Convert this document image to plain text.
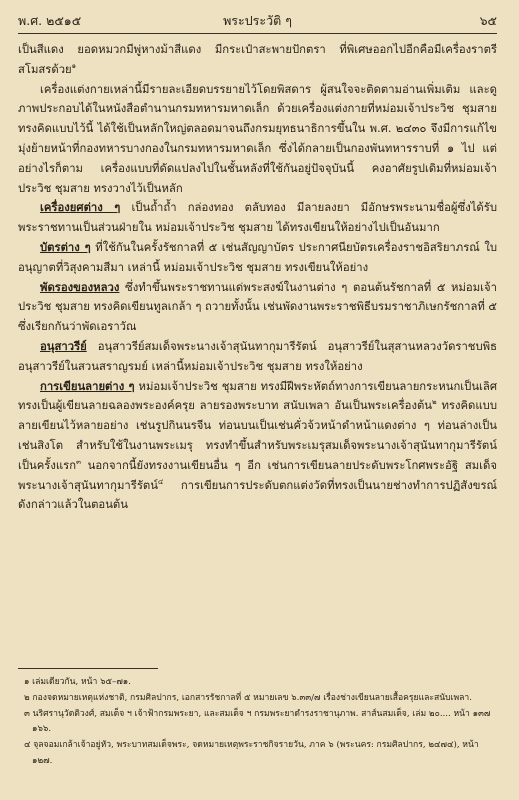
พ.ศ. ๒๕๑๕	พระประวัติ ๆ	๖๕

เป็นสีแดง ยอดหมวกมีพู่หางม้าสีแดง มีกระเป๋าสะพายปักตรา ที่พิเศษออกไปอีกคือมีเครื่องราตรีสโมสรด้วย$^๑$

เครื่องแต่งกายเหล่านี้มีรายละเอียดบรรยายไว้โดยพิสดาร ผู้สนใจจะติดตามอ่านเพิ่มเติม และดูภาพประกอบได้ในหนังสือตำนานกรมทหารมหาดเล็ก ด้วยเครื่องแต่งกายที่หม่อมเจ้าประวิช ชุมสาย ทรงคิดแบบไว้นี้ ได้ใช้เป็นหลักใหญ่ตลอดมาจนถึงกรมยุทธนาธิการขึ้นใน พ.ศ. ๒๔๓๐ จึงมีการแก้ไขมุ่งย้ายหน้าที่กองทหารบางกองในกรมทหารมหาดเล็ก ซึ่งได้กลายเป็นกองพันทหารราบที่ ๑ ไป แต่อย่างไรก็ตาม เครื่องแบบที่ดัดแปลงไปในชั้นหลังที่ใช้กันอยู่ปัจจุบันนี้ คงอาศัยรูปเดิมที่หม่อมเจ้าประวิช ชุมสาย ทรงวางไว้เป็นหลัก

เครื่องยศต่าง ๆ เป็นถ้ำถ้ำ กล่องทอง ตลับทอง มีลายลงยา มีอักษรพระนามชื่อผู้ซึ่งได้รับพระราชทานเป็นส่วนฝ่ายใน หม่อมเจ้าประวิช ชุมสาย ได้ทรงเขียนให้อย่างไปเป็นอันมาก

บัตรต่าง ๆ ที่ใช้กันในครั้งรัชกาลที่ ๕ เช่นสัญญาบัตร ประกาศนียบัตรเครื่องราชอิสริยาภรณ์ ใบอนุญาตที่วิสุงคามสีมา เหล่านี้ หม่อมเจ้าประวิช ชุมสาย ทรงเขียนให้อย่าง

พัดรองของหลวง ซึ่งทำขึ้นพระราชทานแด่พระสงฆ์ในงานต่าง ๆ ตอนต้นรัชกาลที่ ๕ หม่อมเจ้าประวิช ชุมสาย ทรงคิดเขียนทูลเกล้า ๆ ถวายทั้งนั้น เช่นพัดงานพระราชพิธีบรมราชาภิเษกรัชกาลที่ ๕ ซึ่งเรียกกันว่าพัดเอราวัณ

อนุสาวรีย์ อนุสาวรีย์สมเด็จพระนางเจ้าสุนันทากุมารีรัตน์ อนุสาวรีย์ในสุสานหลวงวัดราชบพิธ อนุสาวรีย์ในสวนสราญรมย์ เหล่านี้หม่อมเจ้าประวิช ชุมสาย ทรงให้อย่าง

การเขียนลายต่าง ๆ หม่อมเจ้าประวิช ชุมสาย ทรงมีฝีพระหัตถ์ทางการเขียนลายกระหนกเป็นเลิศ ทรงเป็นผู้เขียนลายฉลองพระองค์ครุย ลายรองพระบาท สนับเพลา อันเป็นพระเครื่องต้น$^๒$ ทรงคิดแบบลายเขียนไว้หลายอย่าง เช่นรูปกินนรจีน ท่อนบนเป็นเช่นคั่วจ้วหน้าดำหน้าแดงต่าง ๆ ท่อนล่างเป็นเช่นสิงโต สำหรับใช้ในงานพระเมรุ ทรงทำขึ้นสำหรับพระเมรุสมเด็จพระนางเจ้าสุนันทากุมารีรัตน์เป็นครั้งแรก$^๓$ นอกจากนี้ยังทรงงานเขียนอื่น ๆ อีก เช่นการเขียนลายประดับพระโกศพระอัฐิ สมเด็จพระนางเจ้าสุนันทากุมารีรัตน์$^๔$ การเขียนการประดับตกแต่งวัดที่ทรงเป็นนายช่างทำการปฏิสังขรณ์ ดังกล่าวแล้วในตอนต้น

๑ เล่มเดียวกัน, หน้า ๖๕–๗๑.

๒ กองจดหมายเหตุแห่งชาติ, กรมศิลปากร, เอกสารรัชกาลที่ ๕ หมายเลข ๖.๓๓/๗ เรื่องช่างเขียนลายเสื้อครุยและสนับเพลา.

๓ นริศรานุวัดติวงศ์, สมเด็จ ฯ เจ้าฟ้ากรมพระยา, และสมเด็จ ฯ กรมพระยาดำรงราชานุภาพ. สาส์นสมเด็จ, เล่ม ๒๐.... หน้า ๑๓๗ ๑๖๖.

๔ จุลจอมเกล้าเจ้าอยู่หัว, พระบาทสมเด็จพระ, จดหมายเหตุพระราชกิจรายวัน, ภาค ๖ (พระนคร: กรมศิลปากร, ๒๔๗๔), หน้า ๑๒๗.
